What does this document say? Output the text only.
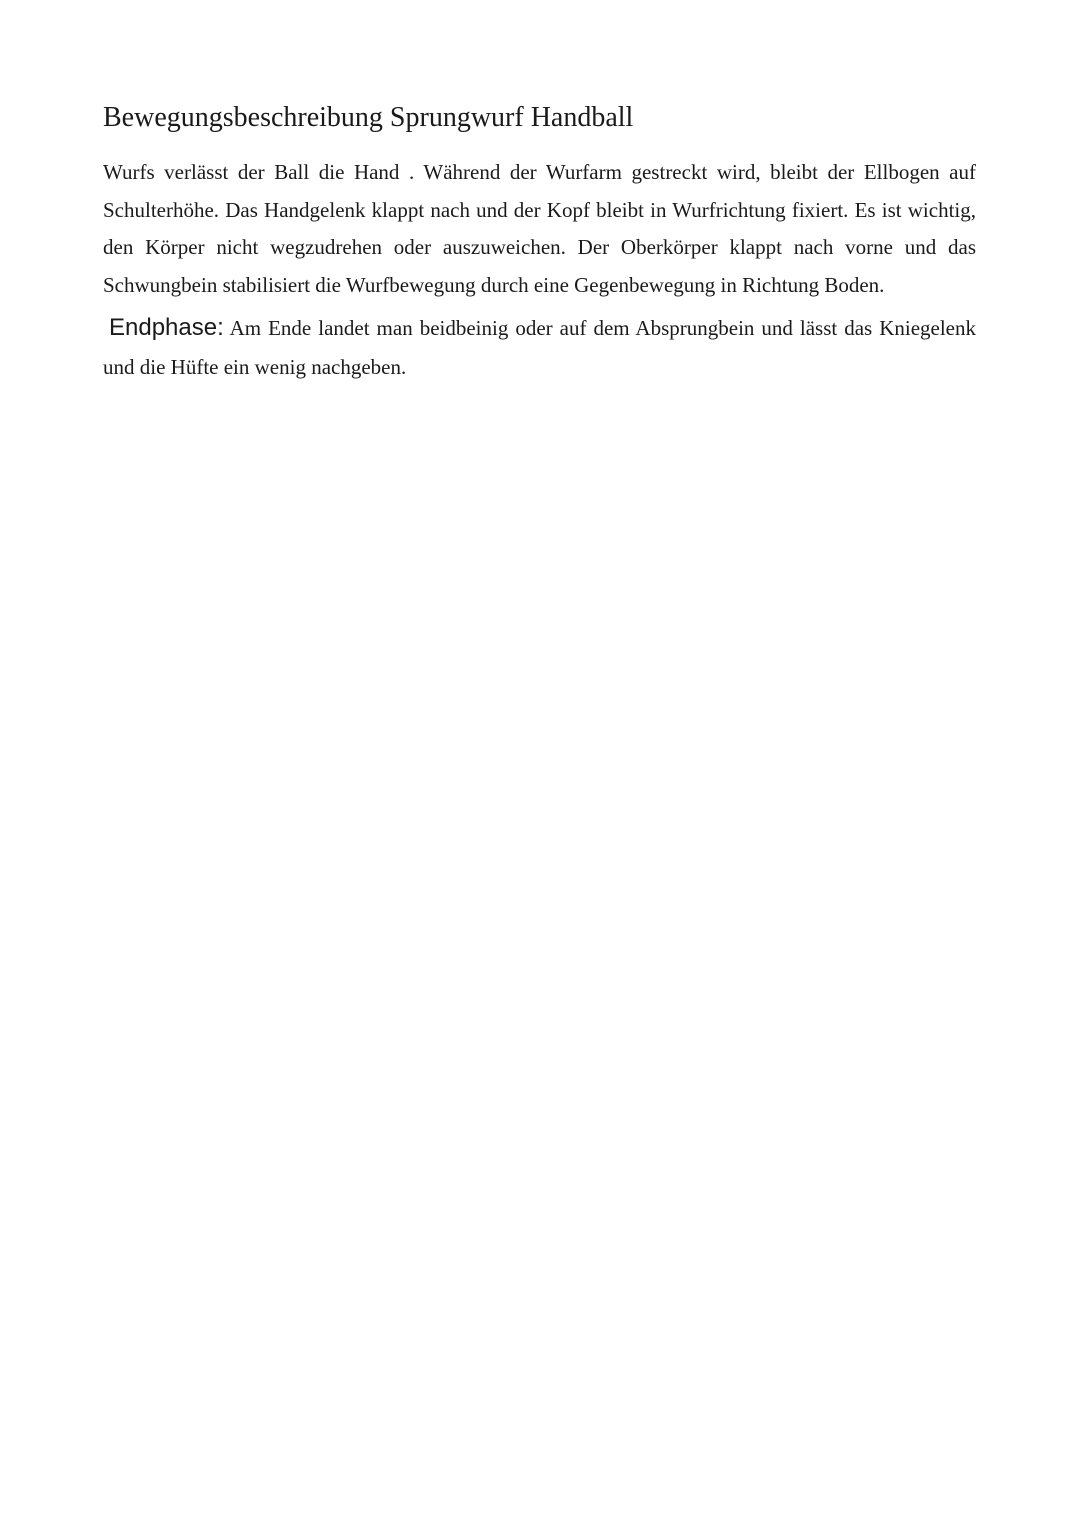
Bewegungsbeschreibung Sprungwurf Handball

Wurfs verlässt der Ball die Hand . Während der Wurfarm gestreckt wird, bleibt der Ellbogen auf Schulterhöhe. Das Handgelenk klappt nach und der Kopf bleibt in Wurfrichtung fixiert. Es ist wichtig, den Körper nicht wegzudrehen oder auszuweichen. Der Oberkörper klappt nach vorne und das Schwungbein stabilisiert die Wurfbewegung durch eine Gegenbewegung in Richtung Boden.

Endphase: Am Ende landet man beidbeinig oder auf dem Absprungbein und lässt das Kniegelenk und die Hüfte ein wenig nachgeben.
